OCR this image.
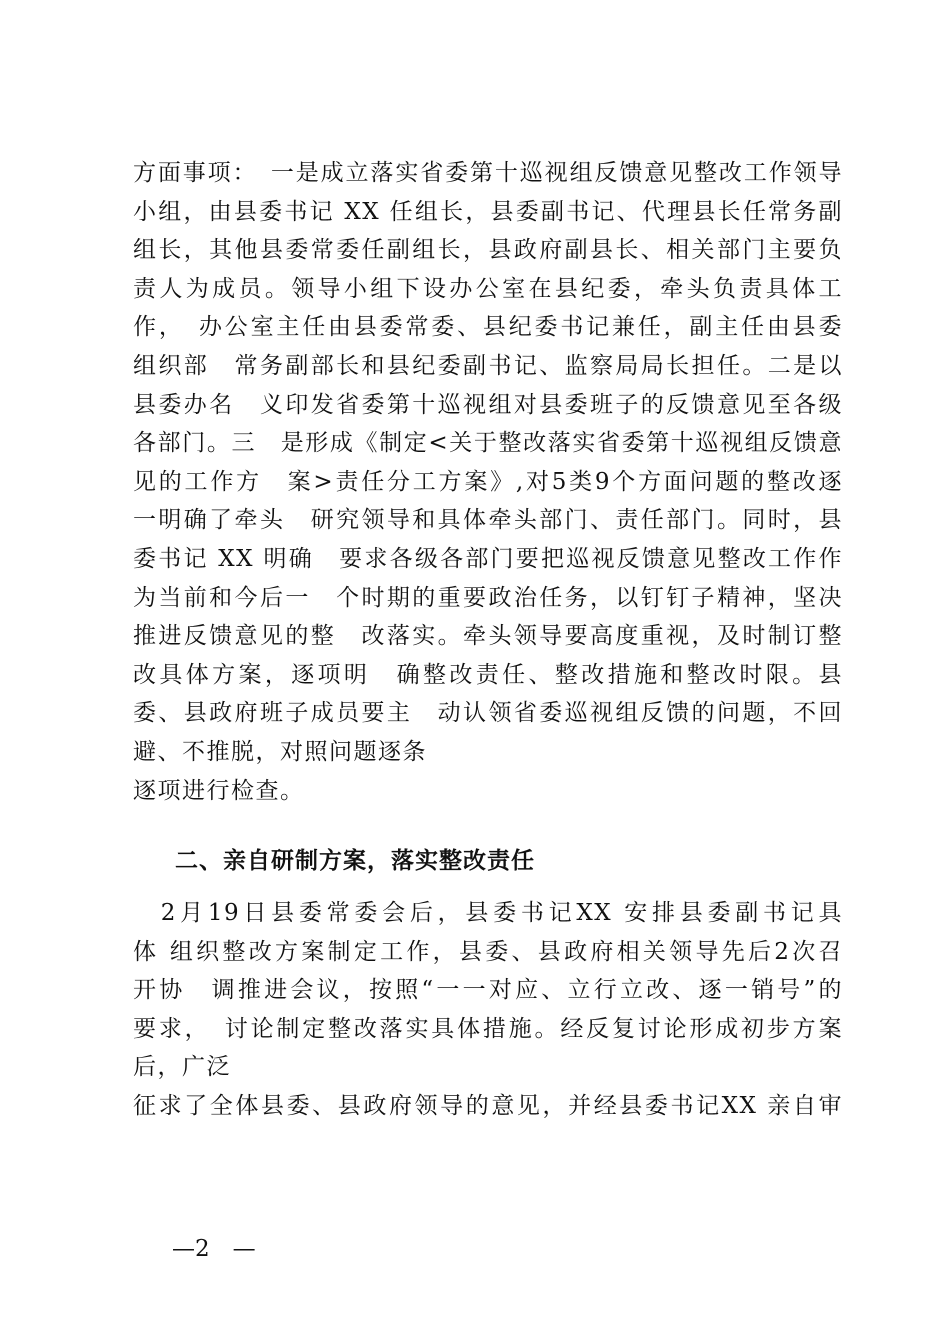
方面事项：　一是成立落实省委第十巡视组反馈意见整改工作领导
小组，由县委书记 XX 任组长，县委副书记、代理县长任常务副
组长，其他县委常委任副组长，县政府副县长、相关部门主要负
责人为成员。领导小组下设办公室在县纪委，牵头负责具体工
作，　办公室主任由县委常委、县纪委书记兼任，副主任由县委
组织部　常务副部长和县纪委副书记、监察局局长担任。二是以
县委办名　义印发省委第十巡视组对县委班子的反馈意见至各级
各部门。三　是形成《制定<关于整改落实省委第十巡视组反馈意
见的工作方　案>责任分工方案》,对5类9个方面问题的整改逐
一明确了牵头　研究领导和具体牵头部门、责任部门。同时，县
委书记 XX 明确　要求各级各部门要把巡视反馈意见整改工作作
为当前和今后一　个时期的重要政治任务，以钉钉子精神，坚决
推进反馈意见的整　改落实。牵头领导要高度重视，及时制订整
改具体方案，逐项明　确整改责任、整改措施和整改时限。县
委、县政府班子成员要主　动认领省委巡视组反馈的问题，不回
避、不推脱，对照问题逐条
逐项进行检查。
二、亲自研制方案，落实整改责任
　2月19日县委常委会后，县委书记XX 安排县委副书记具
体 组织整改方案制定工作，县委、县政府相关领导先后2次召
开协　调推进会议，按照“一一对应、立行立改、逐一销号”的
要求，　讨论制定整改落实具体措施。经反复讨论形成初步方案
后，广泛
征求了全体县委、县政府领导的意见，并经县委书记XX 亲自审
—2　—
